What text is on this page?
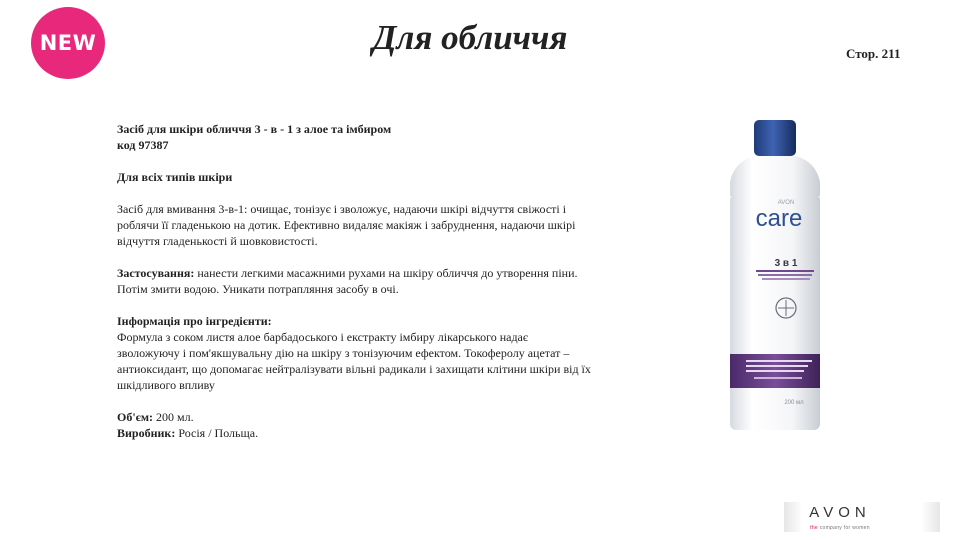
NEW	Для обличчя	Стор. 211

Засіб для шкіри обличчя 3 - в - 1 з алое та імбиром
код 97387

Для всіх типів шкіри

Засіб для вмивання 3-в-1: очищає, тонізує і зволожує, надаючи шкірі відчуття свіжості і
роблячи її гладенькою на дотик. Ефективно видаляє макіяж і забруднення, надаючи шкірі
відчуття гладенькості й шовковистості.

Застосування: нанести легкими масажними рухами на шкіру обличчя до утворення піни.
Потім змити водою. Уникати потрапляння засобу в очі.

Інформація про інгредієнти:
Формула з соком листя алое барбадоського і екстракту імбиру лікарського надає
зволожуючу і пом'якшувальну дію на шкіру з тонізуючим ефектом. Токоферолу ацетат –
антиоксидант, що допомагає нейтралізувати вільні радикали і захищати клітини шкіри від їх
шкідливого впливу

Об'єм: 200 мл.
Виробник: Росія / Польща.

AVON
care
3 в 1
200 мл
AVON
the company for women
